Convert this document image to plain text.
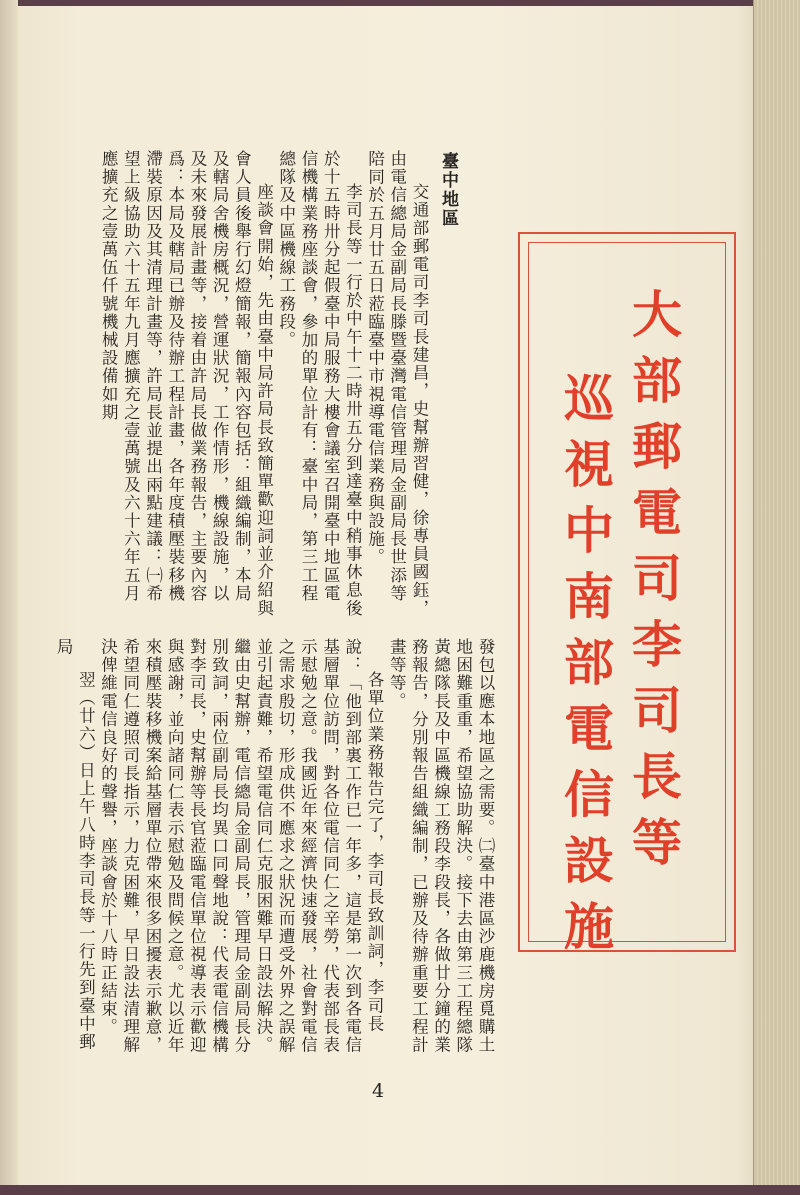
臺中地區

交通部郵電司李司長建昌，史幫辦習健，徐專員國鈺，由電信總局金副局長滕暨臺灣電信管理局金副局長世添等陪同於五月廿五日蒞臨臺中市視導電信業務與設施。

李司長等一行於中午十二時卅五分到達臺中稍事休息後於十五時卅分起假臺中局服務大樓會議室召開臺中地區電信機構業務座談會，參加的單位計有：臺中局，第三工程總隊及中區機線工務段。

座談會開始，先由臺中局許局長致簡單歡迎詞並介紹與會人員後舉行幻燈簡報，簡報內容包括：組織編制，本局及轄局舍機房概況，營運狀況，工作情形，機線設施，以及未來發展計畫等，接着由許局長做業務報告，主要內容爲：本局及轄局已辦及待辦工程計畫，各年度積壓裝移機滯裝原因及其清理計畫等，許局長並提出兩點建議：㈠希望上級協助六十五年九月應擴充之壹萬號及六十六年五月應擴充之壹萬伍仟號機械設備如期

發包以應本地區之需要。㈡臺中港區沙鹿機房覓購土地困難重重，希望協助解決。接下去由第三工程總隊黃總隊長及中區機線工務段李段長，各做廿分鐘的業務報告，分別報告組織編制，已辦及待辦重要工程計畫等等。

各單位業務報告完了，李司長致訓詞，李司長說：「他到部裏工作已一年多，這是第一次到各電信基層單位訪問，對各位電信同仁之辛勞，代表部長表示慰勉之意。我國近年來經濟快速發展，社會對電信之需求殷切，形成供不應求之狀況而遭受外界之誤解並引起責難，希望電信同仁克服困難早日設法解決。繼由史幫辦，電信總局金副局長，管理局金副局長分別致詞，兩位副局長均異口同聲地說：代表電信機構對李司長，史幫辦等長官蒞臨電信單位視導表示歡迎與感謝，並向諸同仁表示慰勉及問候之意。尤以近年來積壓裝移機案給基層單位帶來很多困擾表示歉意，希望同仁遵照司長指示，力克困難，早日設法清理解決俾維電信良好的聲譽，座談會於十八時正結束。

翌（廿六）日上午八時李司長等一行先到臺中郵局	大部郵電司李司長等
巡視中南部電信設施
4
